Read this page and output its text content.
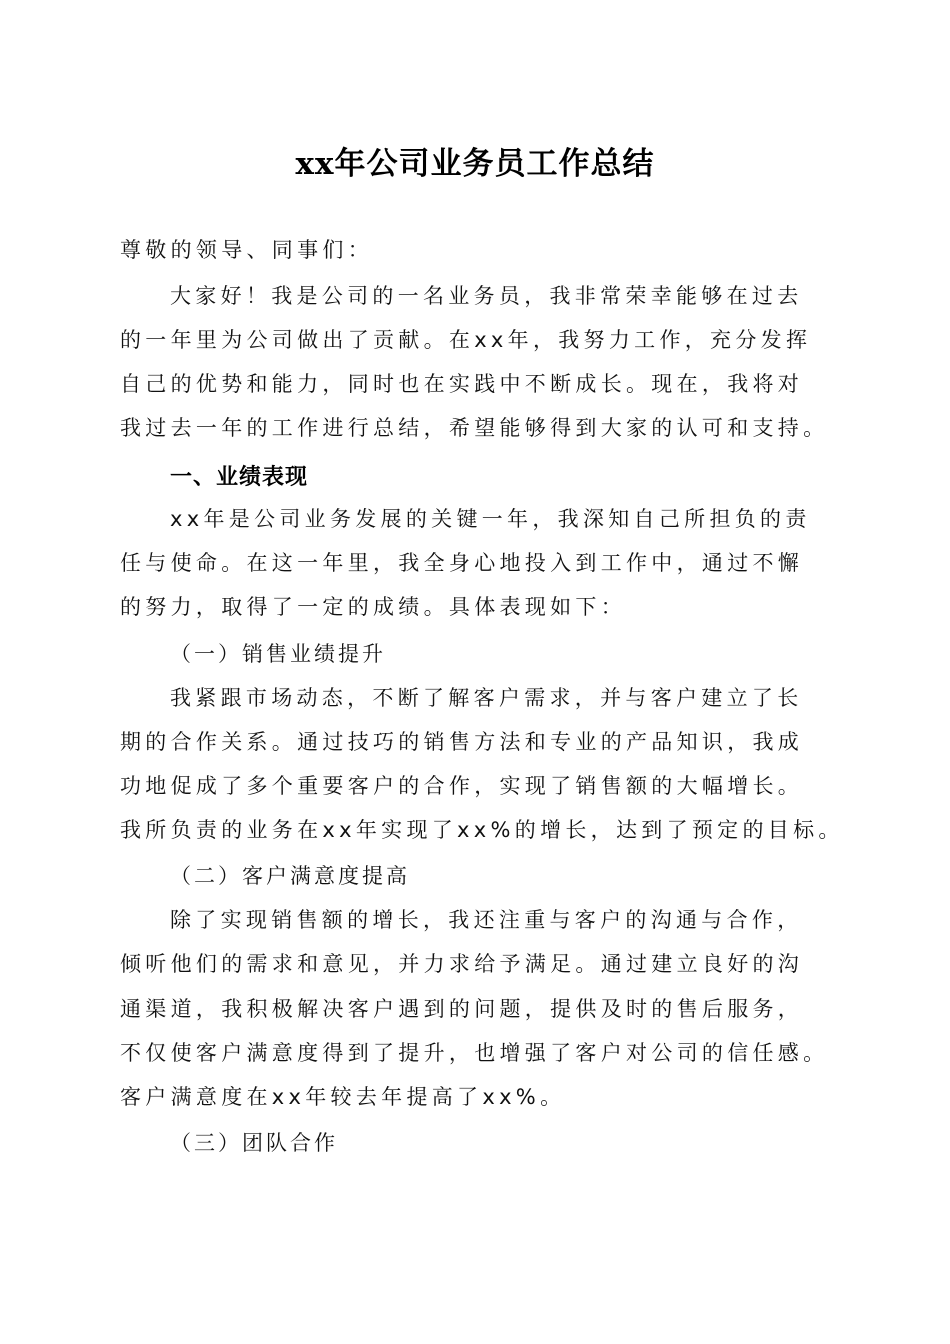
xx年公司业务员工作总结
尊敬的领导、同事们：
大家好！我是公司的一名业务员，我非常荣幸能够在过去
的一年里为公司做出了贡献。在xx年，我努力工作，充分发挥
自己的优势和能力，同时也在实践中不断成长。现在，我将对
我过去一年的工作进行总结，希望能够得到大家的认可和支持。
一、业绩表现
xx年是公司业务发展的关键一年，我深知自己所担负的责
任与使命。在这一年里，我全身心地投入到工作中，通过不懈
的努力，取得了一定的成绩。具体表现如下：
（一）销售业绩提升
我紧跟市场动态，不断了解客户需求，并与客户建立了长
期的合作关系。通过技巧的销售方法和专业的产品知识，我成
功地促成了多个重要客户的合作，实现了销售额的大幅增长。
我所负责的业务在xx年实现了xx%的增长，达到了预定的目标。
（二）客户满意度提高
除了实现销售额的增长，我还注重与客户的沟通与合作，
倾听他们的需求和意见，并力求给予满足。通过建立良好的沟
通渠道，我积极解决客户遇到的问题，提供及时的售后服务，
不仅使客户满意度得到了提升，也增强了客户对公司的信任感。
客户满意度在xx年较去年提高了xx%。
（三）团队合作
